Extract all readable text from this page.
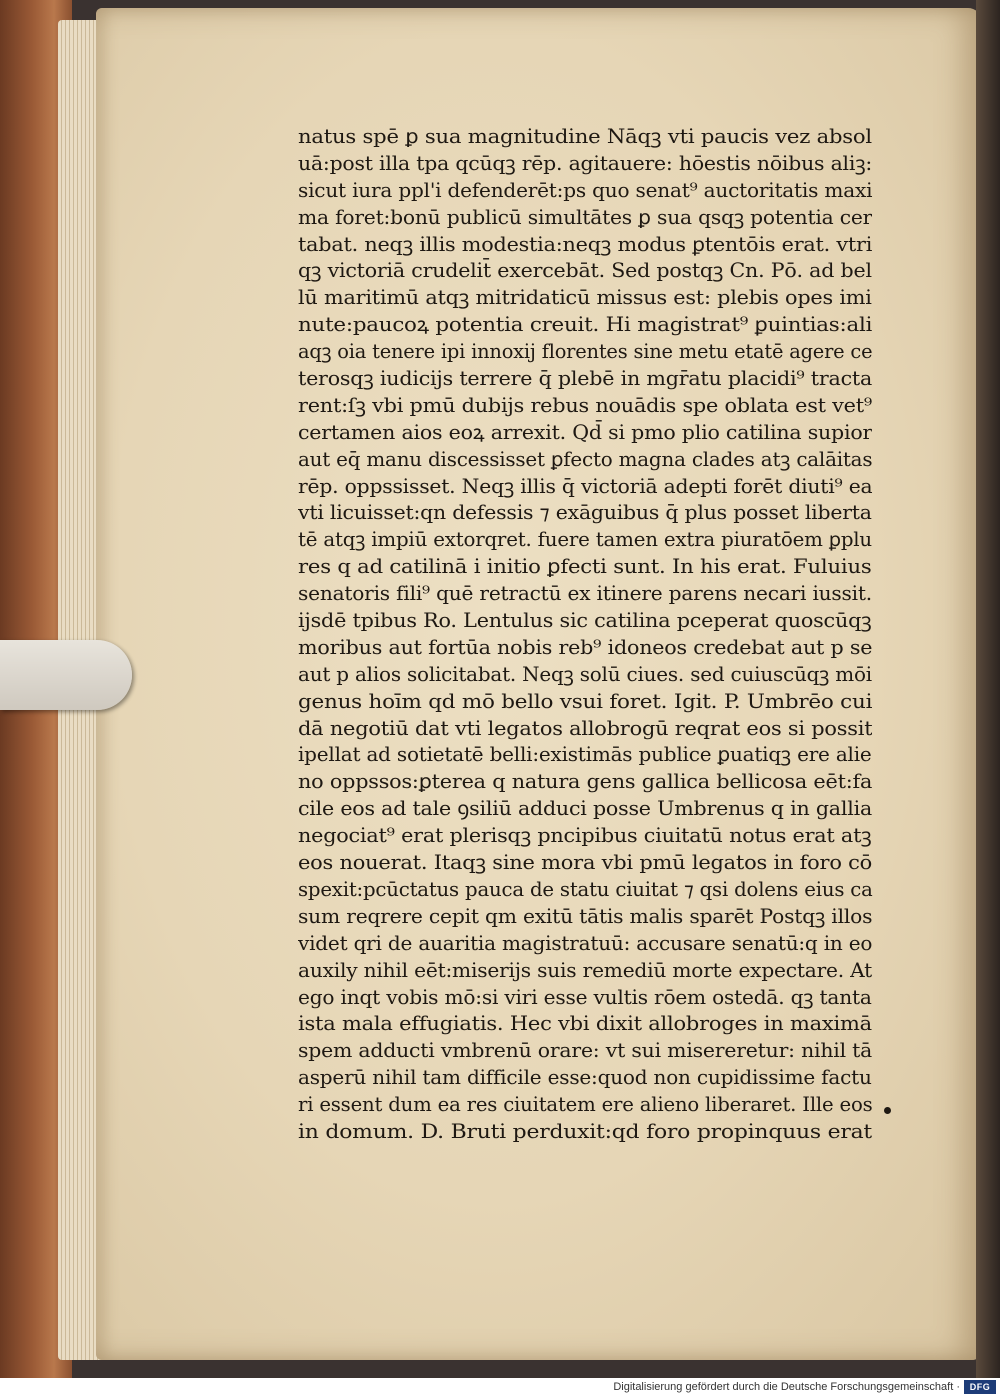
natus spē ꝑ sua magnitudine Nāqꝫ vti paucis vez absol
uā:post illa tpa qcūqꝫ rēp. agitauere: hōestis nōibus aliꝫ:
sicut iura ppl'i defenderēt:ps quo senat⁹ auctoritatis maxi
ma foret:bonū publicū simultātes ꝑ sua qsqꝫ potentia cer
tabat. neqꝫ illis modestia:neqꝫ modus ꝑtentōis erat. vtri
qꝫ victoriā crudelit̄ exercebāt. Sed postqꝫ Cn. Pō. ad bel
lū maritimū atqꝫ mitridaticū missus est: plebis opes imi
nute:paucoꝝ potentia creuit. Hi magistrat⁹ ꝑuintias:ali
aqꝫ oia tenere ipi innoxij florentes sine metu etatē agere ce
terosqꝫ iudicijs terrere q̄ plebē in mgr̄atu placidi⁹ tracta
rent:ſꝫ vbi pmū dubijs rebus nouādis spe oblata est vet⁹
certamen aios eoꝝ arrexit. Qd̄ si pmo plio catilina supior
aut eq̄ manu discessisset ꝑfecto magna clades atꝫ calāitas
rēp. oppssisset. Neqꝫ illis q̄ victoriā adepti forēt diuti⁹ ea
vti licuisset:qn defessis ⁊ exāguibus q̄ plus posset liberta
tē atqꝫ impiū extorqret. fuere tamen extra piuratōem ꝑplu
res q ad catilinā i initio ꝑfecti sunt. In his erat. Fuluius
senatoris fili⁹ quē retractū ex itinere parens necari iussit.
ijsdē tpibus Ro. Lentulus sic catilina pceperat quoscūqꝫ
moribus aut fortūa nobis reb⁹ idoneos credebat aut p se
aut p alios solicitabat. Neqꝫ solū ciues. sed cuiuscūqꝫ mōi
genus hoīm qd mō bello vsui foret. Igit. P. Umbrēo cui
dā negotiū dat vti legatos allobrogū reqrat eos si possit
ipellat ad sotietatē belli:existimās publice ꝑuatiqꝫ ere alie
no oppssos:ꝑterea q natura gens gallica bellicosa eēt:fa
cile eos ad tale ꝯsiliū adduci posse Umbrenus q in gallia
negociat⁹ erat plerisqꝫ pncipibus ciuitatū notus erat atꝫ
eos nouerat. Itaqꝫ sine mora vbi pmū legatos in foro cō
spexit:pcūctatus pauca de statu ciuitat ⁊ qsi dolens eius ca
sum reqrere cepit qm exitū tātis malis sparēt Postqꝫ illos
videt qri de auaritia magistratuū: accusare senatū:q in eo
auxily nihil eēt:miserijs suis remediū morte expectare. At
ego inqt vobis mō:si viri esse vultis rōem ostedā. qꝫ tanta
ista mala effugiatis. Hec vbi dixit allobroges in maximā
spem adducti vmbrenū orare: vt sui misereretur: nihil tā
asperū nihil tam difficile esse:quod non cupidissime factu
ri essent dum ea res ciuitatem ere alieno liberaret. Ille eos
in domum. D. Bruti perduxit:qd foro propinquus erat
Digitalisierung gefördert durch die Deutsche Forschungsgemeinschaft ·	DFG
